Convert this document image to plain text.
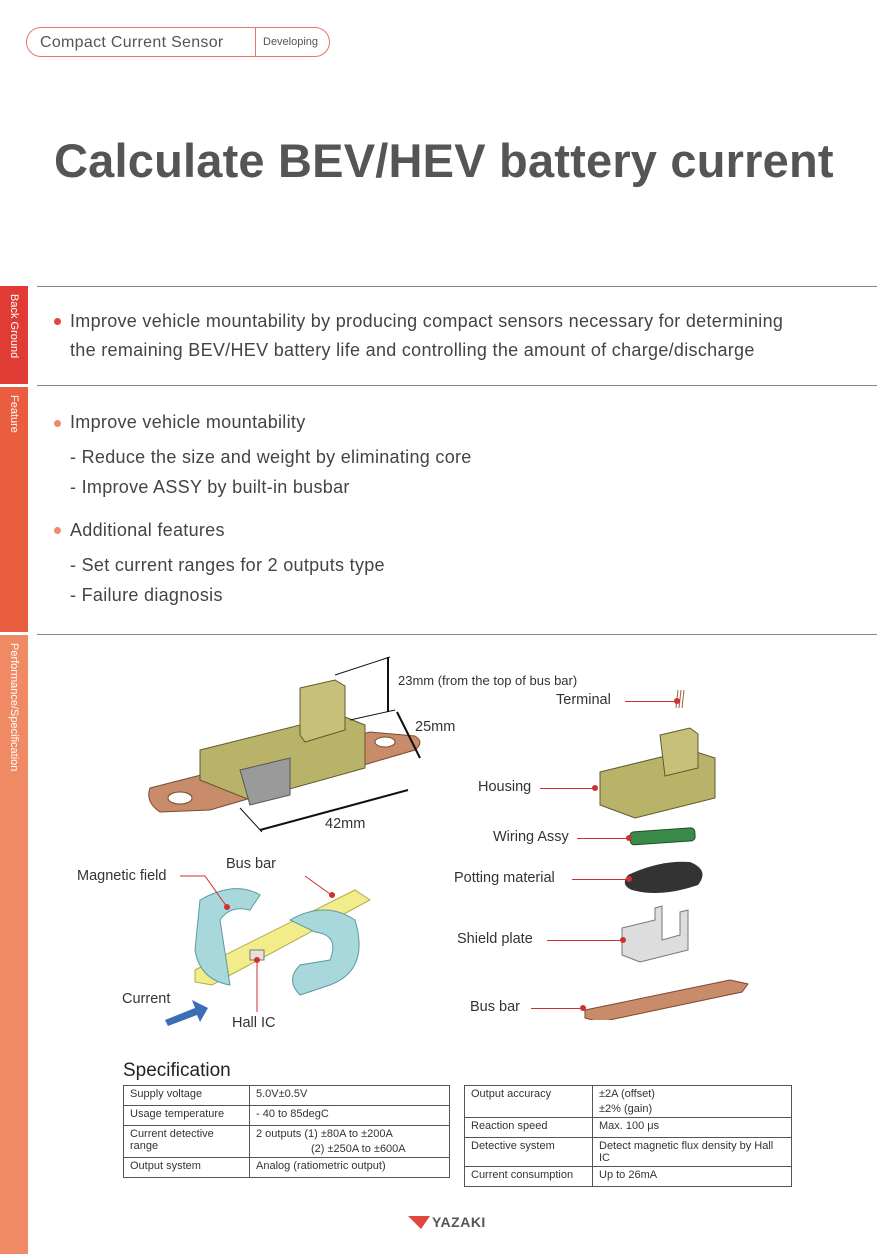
Compact Current Sensor	Developing
Calculate BEV/HEV battery current
Back Ground
Feature
Performance/Specification
Improve vehicle mountability by producing compact sensors necessary for determining
the remaining BEV/HEV battery life and controlling the amount of charge/discharge
Improve vehicle mountability
- Reduce the size and weight by eliminating core
- Improve ASSY by built-in busbar
Additional features
- Set current ranges for 2 outputs type
- Failure diagnosis
23mm (from the top of bus bar)
25mm
42mm
Magnetic field
Bus bar
Current
Hall IC
Terminal
Housing
Wiring Assy
Potting material
Shield plate
Bus bar
Specification
Supply voltage	5.0V±0.5V
Usage temperature	- 40 to 85degC
Current detective range	2 outputs (1) ±80A to ±200A
(2) ±250A to ±600A

Output system	Analog (ratiometric output)
Output accuracy	±2A (offset)
±2% (gain)

Reaction speed	Max. 100 μs
Detective system	Detect magnetic flux density by Hall IC
Current consumption	Up to 26mA
YAZAKI
